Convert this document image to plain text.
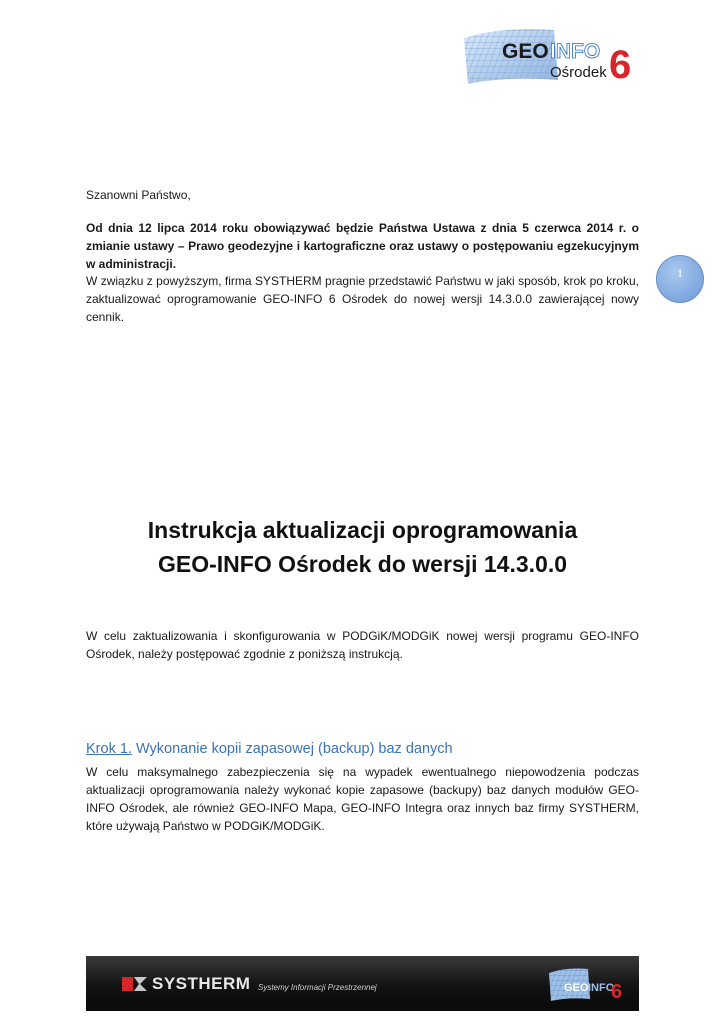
GEO INFO
Ośrodek 6
Szanowni Państwo,
Od dnia 12 lipca 2014 roku obowiązywać będzie Państwa Ustawa z dnia 5 czerwca 2014 r. o zmianie ustawy – Prawo geodezyjne i kartograficzne oraz ustawy o postępowaniu egzekucyjnym w administracji.
W związku z powyższym, firma SYSTHERM pragnie przedstawić Państwu w jaki sposób, krok po kroku, zaktualizować oprogramowanie GEO-INFO 6 Ośrodek do nowej wersji 14.3.0.0 zawierającej nowy cennik.
1
Instrukcja aktualizacji oprogramowania
GEO-INFO Ośrodek do wersji 14.3.0.0
W celu zaktualizowania i skonfigurowania w PODGiK/MODGiK nowej wersji programu GEO-INFO Ośrodek, należy postępować zgodnie z poniższą instrukcją.
Krok 1. Wykonanie kopii zapasowej (backup) baz danych
W celu maksymalnego zabezpieczenia się na wypadek ewentualnego niepowodzenia podczas aktualizacji oprogramowania należy wykonać kopie zapasowe (backupy) baz danych modułów GEO-INFO Ośrodek, ale również GEO-INFO Mapa, GEO-INFO Integra oraz innych baz firmy SYSTHERM, które używają Państwo w PODGiK/MODGiK.
SYSTHERM Systemy Informacji Przestrzennej	GEO INFO
6
